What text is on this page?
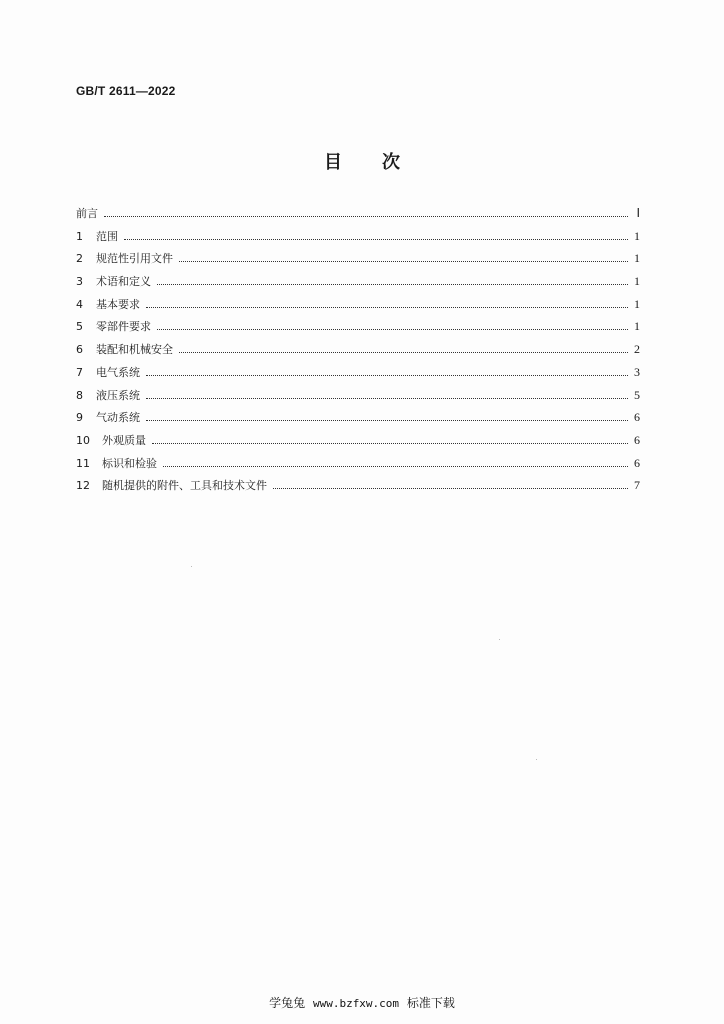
GB/T 2611—2022
目次
前言	Ⅰ
1	范围	1
2	规范性引用文件	1
3	术语和定义	1
4	基本要求	1
5	零部件要求	1
6	装配和机械安全	2
7	电气系统	3
8	液压系统	5
9	气动系统	6
10	外观质量	6
11	标识和检验	6
12	随机提供的附件、工具和技术文件	7
学兔兔 www.bzfxw.com 标准下载
